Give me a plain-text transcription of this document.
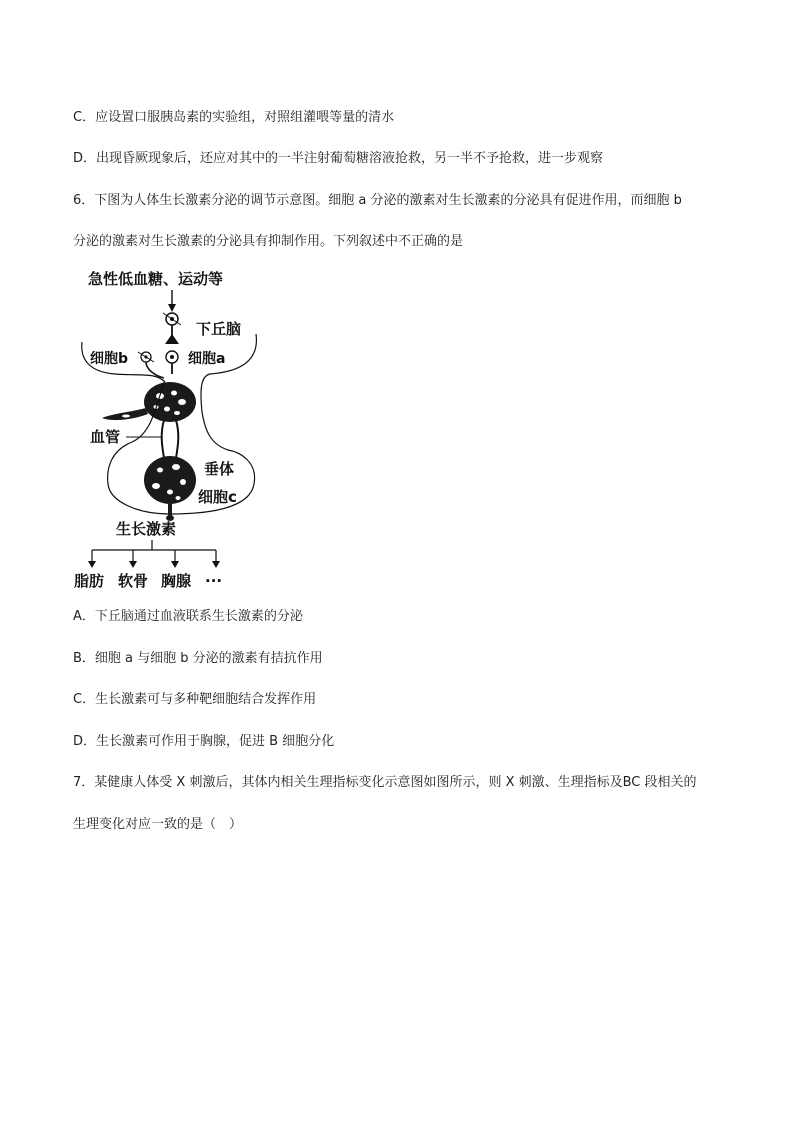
C．应设置口服胰岛素的实验组，对照组灌喂等量的清水
D．出现昏厥现象后，还应对其中的一半注射葡萄糖溶液抢救，另一半不予抢救，进一步观察
6．下图为人体生长激素分泌的调节示意图。细胞 a 分泌的激素对生长激素的分泌具有促进作用，而细胞 b
分泌的激素对生长激素的分泌具有抑制作用。下列叙述中不正确的是
急性低血糖、运动等
下丘脑
细胞b	细胞a
血管
垂体
细胞c
生长激素
脂肪 软骨 胸腺 ···
A．下丘脑通过血液联系生长激素的分泌
B．细胞 a 与细胞 b 分泌的激素有拮抗作用
C．生长激素可与多种靶细胞结合发挥作用
D．生长激素可作用于胸腺，促进 B 细胞分化
7．某健康人体受 X 刺激后，其体内相关生理指标变化示意图如图所示，则 X 刺激、生理指标及BC 段相关的
生理变化对应一致的是（　）
